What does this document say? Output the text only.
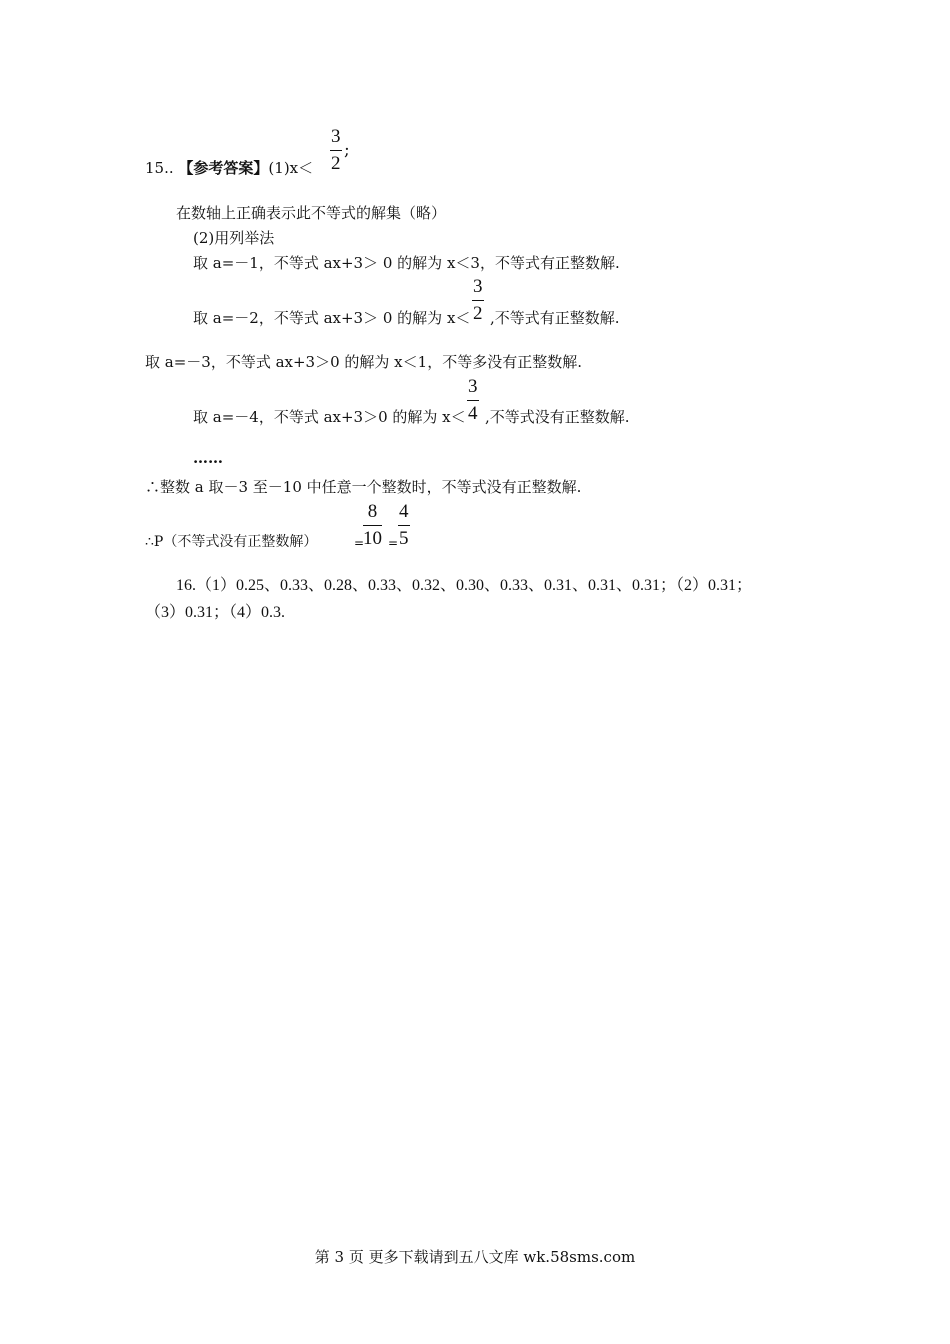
15.. 【参考答案】$(1)x< \frac{3}{2}$ ;
在数轴上正确表示此不等式的解集（略）
(2)用列举法
取 a=－1，不等式 ax+3＞ 0 的解为 x＜3，不等式有正整数解.
取 a=－2，不等式 ax+3＞ 0 的解为 $x< \frac{3}{2}$ ,不等式有正整数解.
取 a=－3，不等式 ax+3＞0 的解为 x＜1，不等多没有正整数解.
取 a=－4，不等式 ax+3＞0 的解为 $x< \frac{3}{4}$ ,不等式没有正整数解.
……
∴整数 a 取－3 至－10 中任意一个整数时，不等式没有正整数解.
∴P（不等式没有正整数解） $\frac{8}{10}$
= = $\frac{4}{5}$
16.（1）0.25、0.33、0.28、0.33、0.32、0.30、0.33、0.31、0.31、0.31；（2）0.31；
（3）0.31；（4）0.3.
第 3 页 更多下载请到五八文库 wk.58sms.com
